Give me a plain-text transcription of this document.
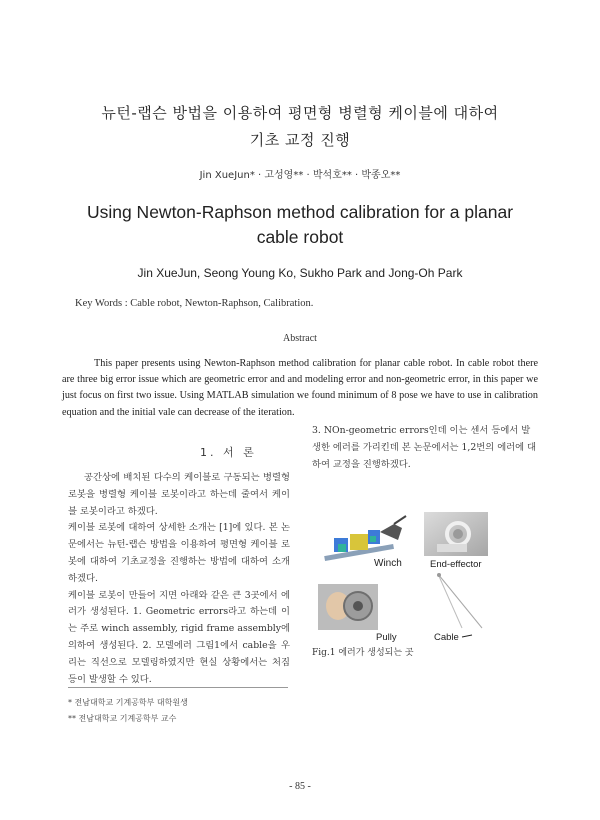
뉴턴-랩슨 방법을 이용하여 평면형 병렬형 케이블에 대하여
기초 교정 진행
Jin XueJun* · 고성영** · 박석호** · 박종오**
Using Newton-Raphson method calibration for a planar
cable robot
Jin XueJun, Seong Young Ko, Sukho Park and Jong-Oh Park
Key Words : Cable robot, Newton-Raphson, Calibration.
Abstract

This paper presents using Newton-Raphson method calibration for planar cable robot. In cable robot there are three big error issue which are geometric error and and modeling error and non-geometric error, in this paper we just focus on first two issue. Using MATLAB simulation we found minimum of 8 pose we have to use in calibration equation and the initial vale can decrease of the iteration.

1. 서 론

공간상에 배치된 다수의 케이블로 구동되는 병렬형 로봇을 병렬형 케이블 로봇이라고 하는데 줄여서 케이블 로봇이라고 하겠다.

케이블 로봇에 대하여 상세한 소개는 [1]에 있다. 본 논문에서는 뉴턴-랩슨 방법을 이용하여 평면형 케이블 로봇에 대하여 기초교정을 진행하는 방법에 대하여 소개하겠다.

케이블 로봇이 만들어 지면 아래와 같은 큰 3곳에서 에러가 생성된다. 1. Geometric errors라고 하는데 이는 주로 winch assembly, rigid frame assembly에 의하여 생성된다. 2. 모델에러 그림1에서 cable을 우리는 직선으로 모델링하였지만 현실 상황에서는 처짐 등이 발생할 수 있다.

3. NOn-geometric errors인데 이는 센서 등에서 발생한 에러를 가리킨데 본 논문에서는 1,2번의 에러에 대하여 교정을 진행하겠다.

Winch	End-effector
Pully	Cable
Fig.1 에러가 생성되는 곳
* 전남대학교 기계공학부 대학원생
** 전남대학교 기계공학부 교수
- 85 -
